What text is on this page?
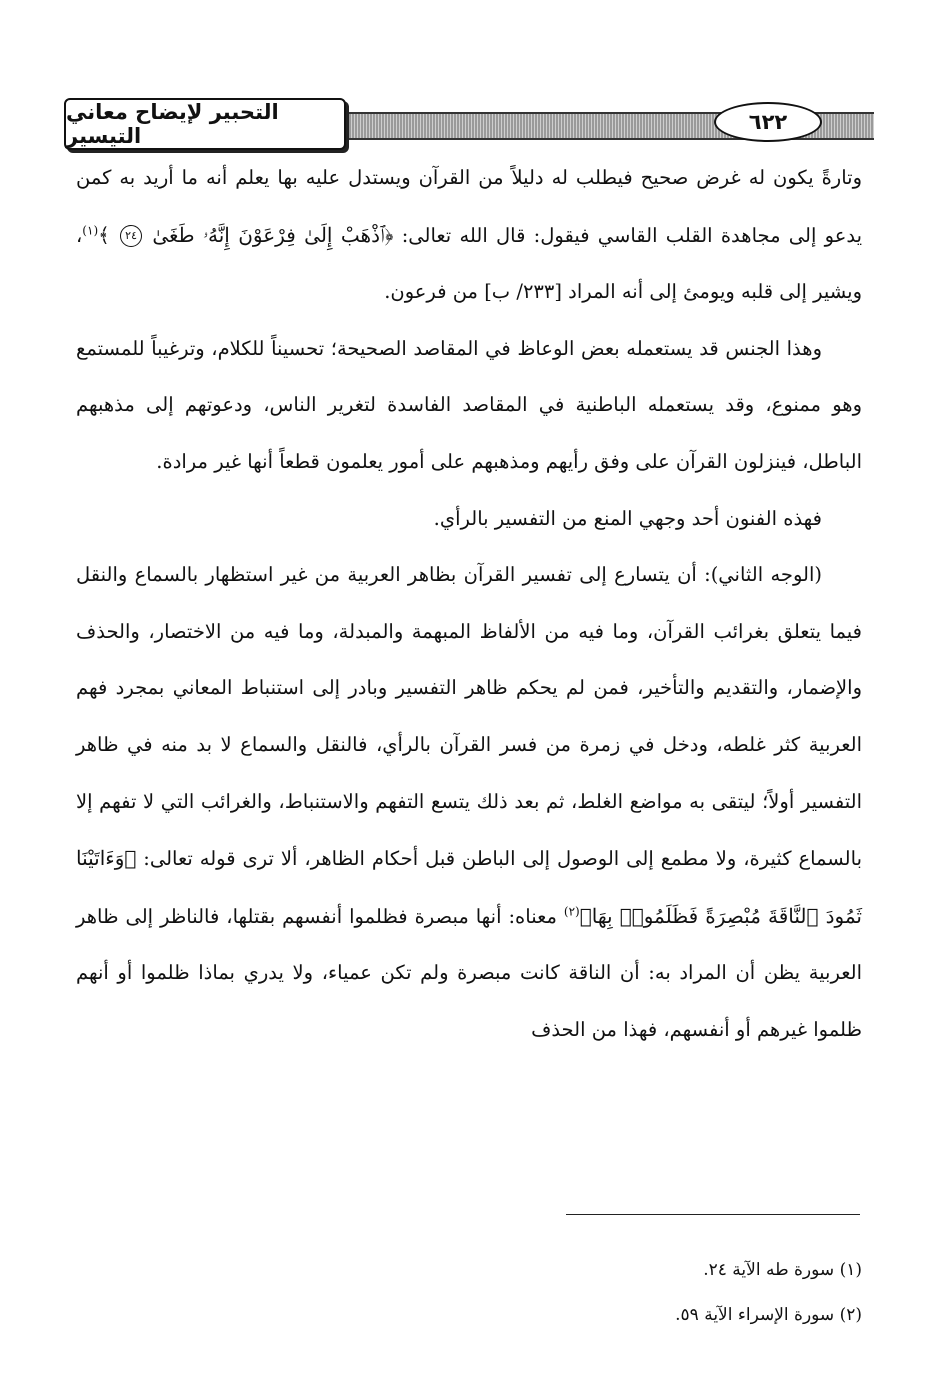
التحبير لإيضاح معاني التيسير
٦٢٢

وتارةً يكون له غرض صحيح فيطلب له دليلاً من القرآن ويستدل عليه بها يعلم أنه ما أريد به كمن يدعو إلى مجاهدة القلب القاسي فيقول: قال الله تعالى: ﴿ٱذْهَبْ إِلَىٰ فِرْعَوْنَ إِنَّهُۥ طَغَىٰ ٢٤ ﴾$^{(١)}$، ويشير إلى قلبه ويومئ إلى أنه المراد [٢٣٣/ ب] من فرعون.

وهذا الجنس قد يستعمله بعض الوعاظ في المقاصد الصحيحة؛ تحسيناً للكلام، وترغيباً للمستمع وهو ممنوع، وقد يستعمله الباطنية في المقاصد الفاسدة لتغرير الناس، ودعوتهم إلى مذهبهم الباطل، فينزلون القرآن على وفق رأيهم ومذهبهم على أمور يعلمون قطعاً أنها غير مرادة.

فهذه الفنون أحد وجهي المنع من التفسير بالرأي.

(الوجه الثاني): أن يتسارع إلى تفسير القرآن بظاهر العربية من غير استظهار بالسماع والنقل فيما يتعلق بغرائب القرآن، وما فيه من الألفاظ المبهمة والمبدلة، وما فيه من الاختصار، والحذف والإضمار، والتقديم والتأخير، فمن لم يحكم ظاهر التفسير وبادر إلى استنباط المعاني بمجرد فهم العربية كثر غلطه، ودخل في زمرة من فسر القرآن بالرأي، فالنقل والسماع لا بد منه في ظاهر التفسير أولاً؛ ليتقى به مواضع الغلط، ثم بعد ذلك يتسع التفهم والاستنباط، والغرائب التي لا تفهم إلا بالسماع كثيرة، ولا مطمع إلى الوصول إلى الباطن قبل أحكام الظاهر، ألا ترى قوله تعالى: ﴿وَءَاتَيْنَا ثَمُودَ ٱلنَّاقَةَ مُبْصِرَةً فَظَلَمُوا۟ بِهَا﴾$^{(٢)}$ معناه: أنها مبصرة فظلموا أنفسهم بقتلها، فالناظر إلى ظاهر العربية يظن أن المراد به: أن الناقة كانت مبصرة ولم تكن عمياء، ولا يدري بماذا ظلموا أو أنهم ظلموا غيرهم أو أنفسهم، فهذا من الحذف

(١) سورة طه الآية ٢٤.

(٢) سورة الإسراء الآية ٥٩.
